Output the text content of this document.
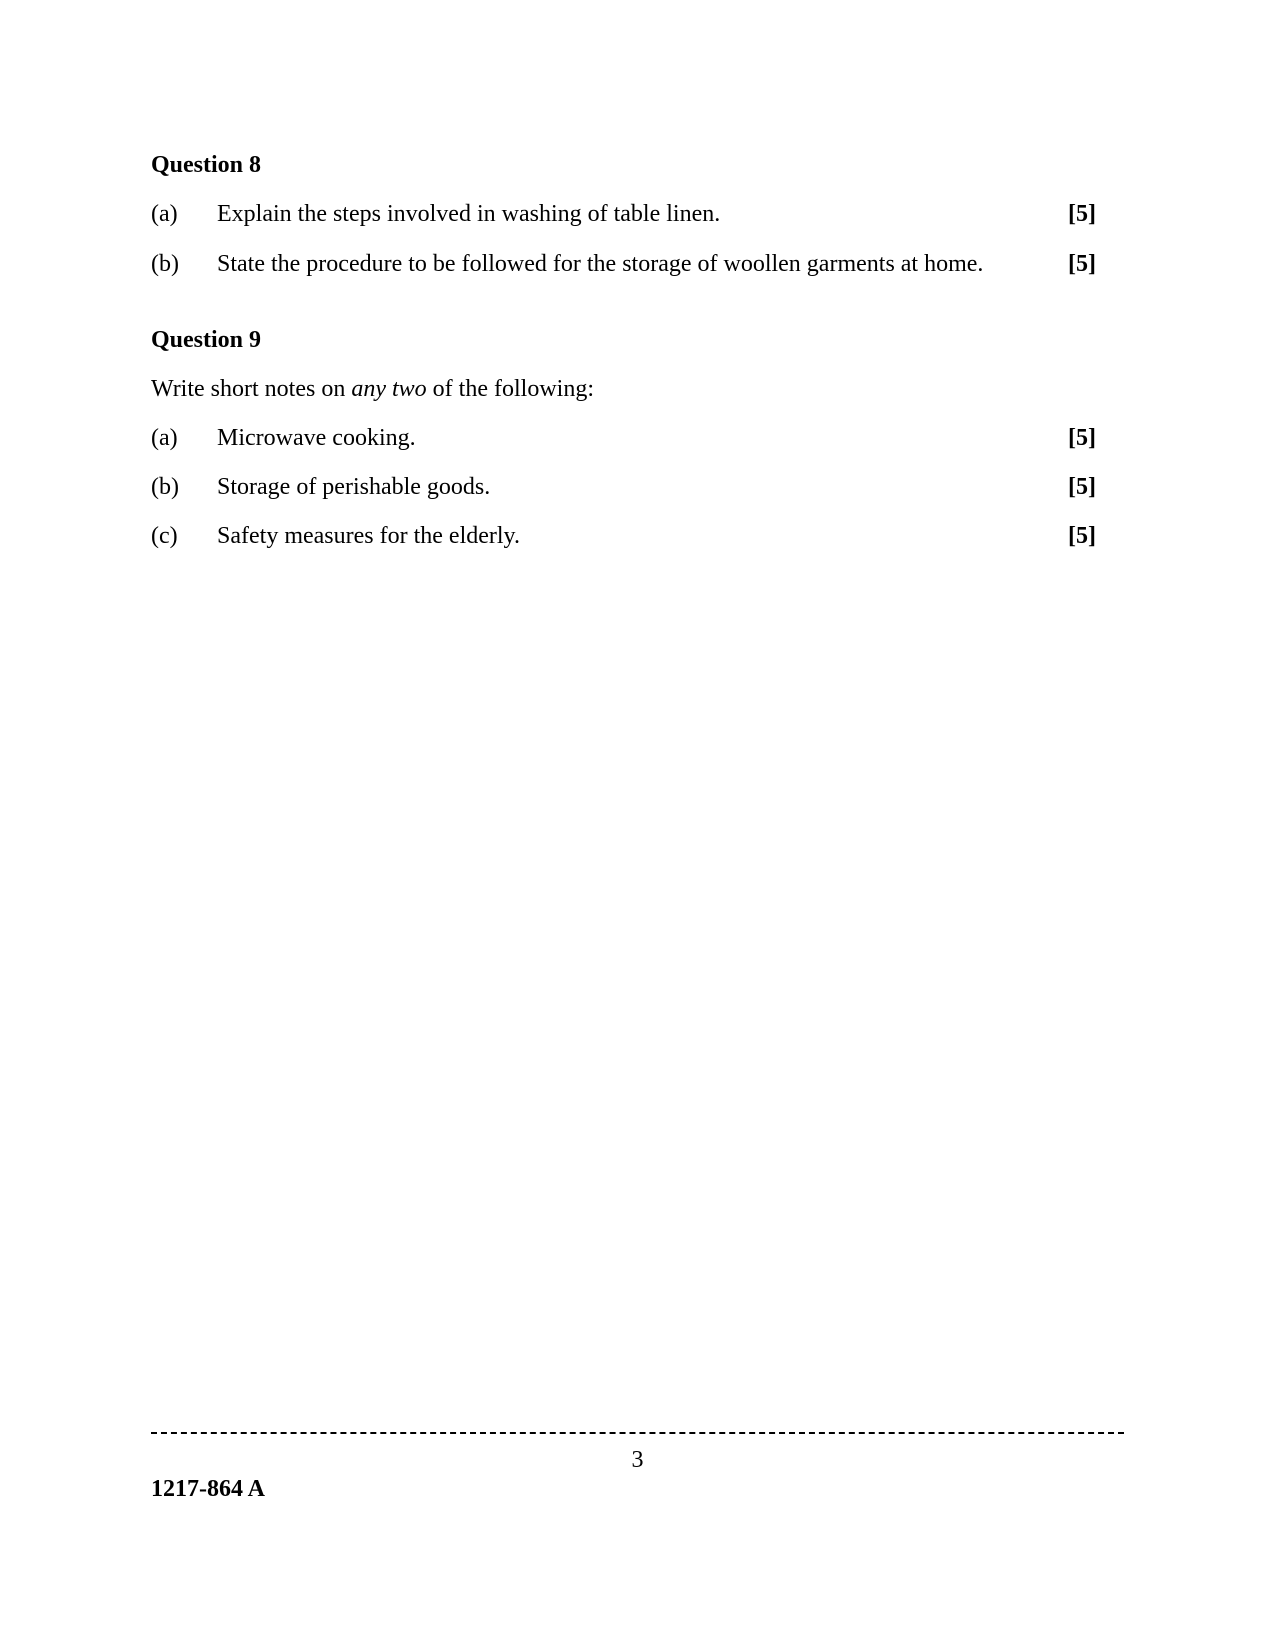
Question 8
(a) Explain the steps involved in washing of table linen.	[5]
(b) State the procedure to be followed for the storage of woollen garments at home.	[5]
Question 9
Write short notes on any two of the following:
(a) Microwave cooking.	[5]
(b) Storage of perishable goods.	[5]
(c) Safety measures for the elderly.	[5]
3
1217-864 A
